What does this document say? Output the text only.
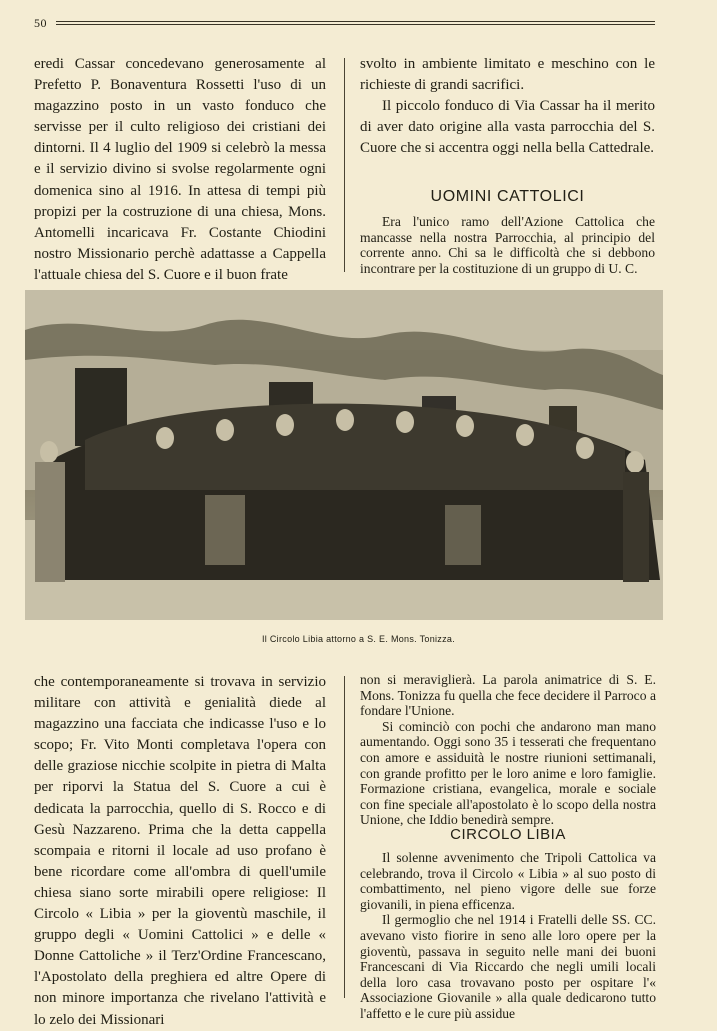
50

eredi Cassar concedevano generosamente al Prefetto P. Bonaventura Rossetti l'uso di un magazzino posto in un vasto fonduco che servisse per il culto religioso dei cristiani dei dintorni. Il 4 luglio del 1909 si celebrò la messa e il servizio divino si svolse regolarmente ogni domenica sino al 1916. In attesa di tempi più propizi per la costruzione di una chiesa, Mons. Antomelli incaricava Fr. Costante Chiodini nostro Missionario perchè adattasse a Cappella l'attuale chiesa del S. Cuore e il buon frate

svolto in ambiente limitato e meschino con le richieste di grandi sacrifici.

Il piccolo fonduco di Via Cassar ha il merito di aver dato origine alla vasta parrocchia del S. Cuore che si accentra oggi nella bella Cattedrale.

UOMINI CATTOLICI

Era l'unico ramo dell'Azione Cattolica che mancasse nella nostra Parrocchia, al principio del corrente anno. Chi sa le difficoltà che si debbono incontrare per la costituzione di un gruppo di U. C.

Il Circolo Libia attorno a S. E. Mons. Tonizza.

che contemporaneamente si trovava in servizio militare con attività e genialità diede al magazzino una facciata che indicasse l'uso e lo scopo; Fr. Vito Monti completava l'opera con delle graziose nicchie scolpite in pietra di Malta per riporvi la Statua del S. Cuore a cui è dedicata la parrocchia, quello di S. Rocco e di Gesù Nazzareno. Prima che la detta cappella scompaia e ritorni il locale ad uso profano è bene ricordare come all'ombra di quell'umile chiesa siano sorte mirabili opere religiose: Il Circolo « Libia » per la gioventù maschile, il gruppo degli « Uomini Cattolici » e delle « Donne Cattoliche » il Terz'Ordine Francescano, l'Apostolato della preghiera ed altre Opere di non minore importanza che rivelano l'attività e lo zelo dei Missionari

non si meraviglierà. La parola animatrice di S. E. Mons. Tonizza fu quella che fece decidere il Parroco a fondare l'Unione.

Si cominciò con pochi che andarono man mano aumentando. Oggi sono 35 i tesserati che frequentano con amore e assiduità le nostre riunioni settimanali, con grande profitto per le loro anime e loro famiglie. Formazione cristiana, evangelica, morale e sociale con fine speciale all'apostolato è lo scopo della nostra Unione, che Iddio benedirà sempre.

CIRCOLO LIBIA

Il solenne avvenimento che Tripoli Cattolica va celebrando, trova il Circolo « Libia » al suo posto di combattimento, nel pieno vigore delle sue forze giovanili, in piena efficenza.

Il germoglio che nel 1914 i Fratelli delle SS. CC. avevano visto fiorire in seno alle loro opere per la gioventù, passava in seguito nelle mani dei buoni Francescani di Via Riccardo che negli umili locali della loro casa trovavano posto per ospitare l'« Associazione Giovanile » alla quale dedicarono tutto l'affetto e le cure più assidue
